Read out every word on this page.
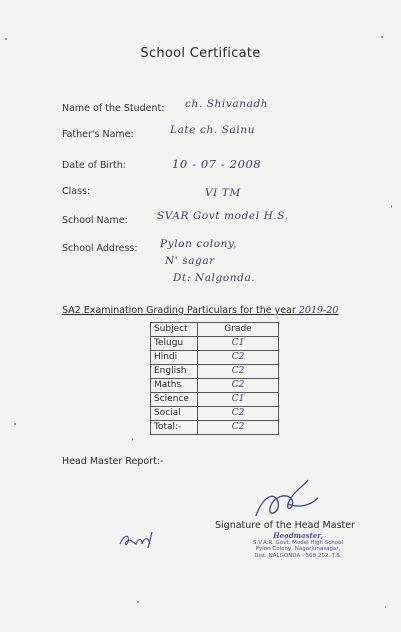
School Certificate
Name of the Student: ch. Shivanadh
Father's Name:	Late ch. Sainu
Date of Birth:	10 - 07 - 2008
Class:	VI TM
School Name:	SVAR Govt model H.S.
School Address: Pylon colony,
N' sagar
Dt: Nalgonda.
SA2 Examination Grading Particulars for the year 2019-20
Subject	Grade
Telugu	C1
Hindi	C2
English	C2
Maths	C2
Science	C1
Social	C2
Total:-	C2
Head Master Report:-
Signature of the Head Master
Headmaster,
S.V.A.R. Govt. Model High School
Pylon Colony, Nagarjunasagar,
Dist. NALGONDA - 508 202. T.S.
